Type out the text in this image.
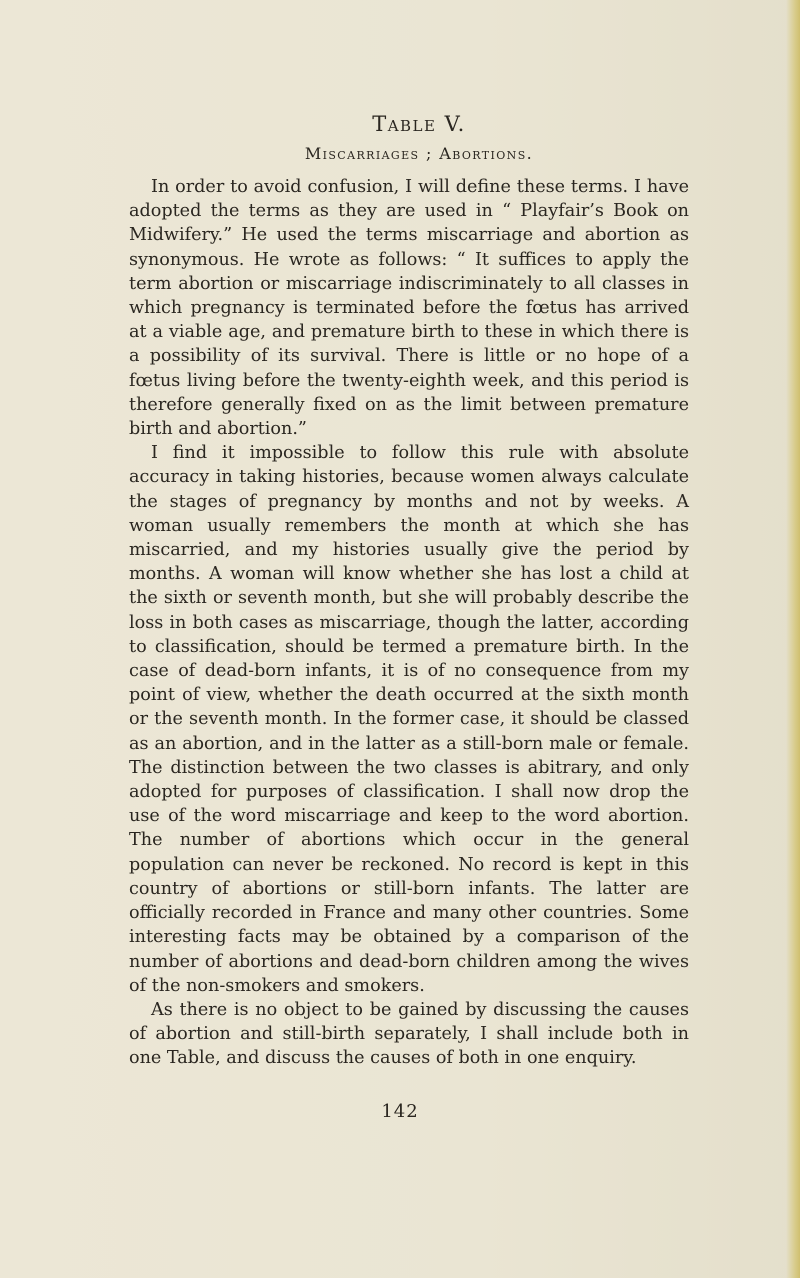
Table V.
Miscarriages ; Abortions.

In order to avoid confusion, I will define these terms. I have adopted the terms as they are used in “ Playfair’s Book on Midwifery.” He used the terms miscarriage and abortion as synonymous. He wrote as follows: “ It suffices to apply the term abortion or miscarriage indiscriminately to all classes in which pregnancy is terminated before the fœtus has arrived at a viable age, and premature birth to these in which there is a possibility of its survival. There is little or no hope of a fœtus living before the twenty-eighth week, and this period is therefore generally fixed on as the limit between premature birth and abortion.”

I find it impossible to follow this rule with absolute accuracy in taking histories, because women always calculate the stages of pregnancy by months and not by weeks. A woman usually remembers the month at which she has miscarried, and my histories usually give the period by months. A woman will know whether she has lost a child at the sixth or seventh month, but she will probably describe the loss in both cases as miscarriage, though the latter, according to classification, should be termed a premature birth. In the case of dead-born infants, it is of no consequence from my point of view, whether the death occurred at the sixth month or the seventh month. In the former case, it should be classed as an abortion, and in the latter as a still-born male or female. The distinction between the two classes is abitrary, and only adopted for purposes of classification. I shall now drop the use of the word miscarriage and keep to the word abortion. The number of abortions which occur in the general population can never be reckoned. No record is kept in this country of abortions or still-born infants. The latter are officially recorded in France and many other countries. Some interesting facts may be obtained by a comparison of the number of abortions and dead-born children among the wives of the non-smokers and smokers.

As there is no object to be gained by discussing the causes of abortion and still-birth separately, I shall include both in one Table, and discuss the causes of both in one enquiry.

142
